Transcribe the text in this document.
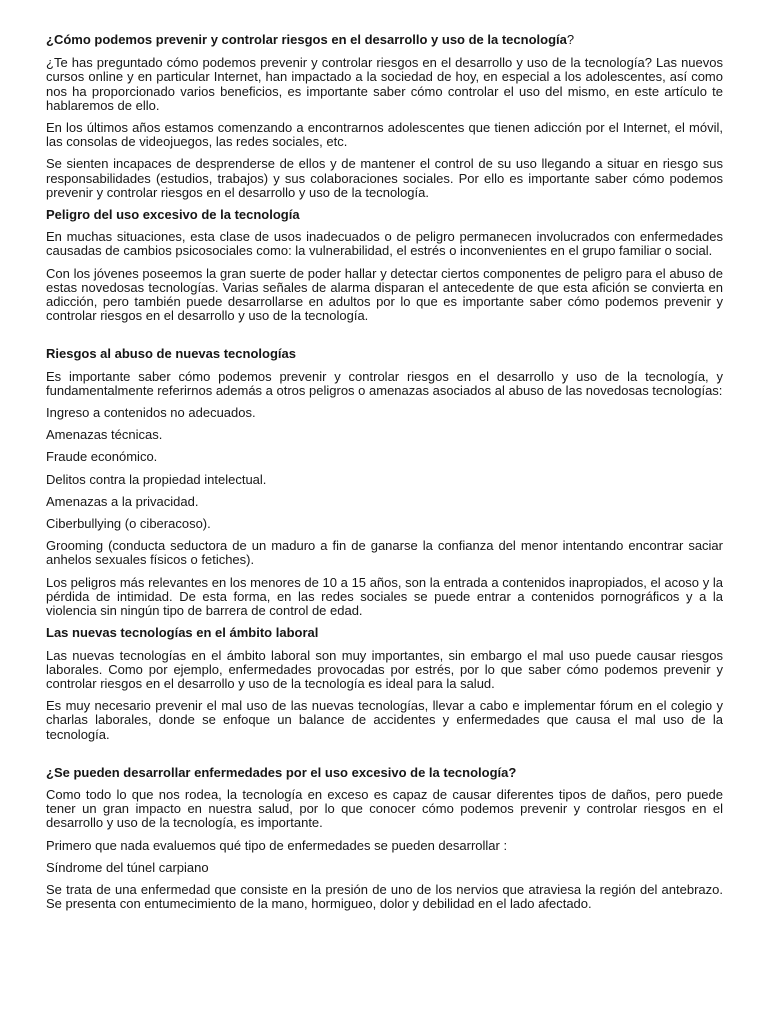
¿Cómo podemos prevenir y controlar riesgos en el desarrollo y uso de la tecnología?

¿Te has preguntado cómo podemos prevenir y controlar riesgos en el desarrollo y uso de la tecnología? Las nuevos cursos online y en particular Internet, han impactado a la sociedad de hoy, en especial a los adolescentes, así como nos ha proporcionado varios beneficios, es importante saber cómo controlar el uso del mismo, en este artículo te hablaremos de ello.

En los últimos años estamos comenzando a encontrarnos adolescentes que tienen adicción por el Internet, el móvil, las consolas de videojuegos, las redes sociales, etc.

Se sienten incapaces de desprenderse de ellos y de mantener el control de su uso llegando a situar en riesgo sus responsabilidades (estudios, trabajos) y sus colaboraciones sociales. Por ello es importante saber cómo podemos prevenir y controlar riesgos en el desarrollo y uso de la tecnología.

Peligro del uso excesivo de la tecnología

En muchas situaciones, esta clase de usos inadecuados o de peligro permanecen involucrados con enfermedades causadas de cambios psicosociales como: la vulnerabilidad, el estrés o inconvenientes en el grupo familiar o social.

Con los jóvenes poseemos la gran suerte de poder hallar y detectar ciertos componentes de peligro para el abuso de estas novedosas tecnologías. Varias señales de alarma disparan el antecedente de que esta afición se convierta en adicción, pero también puede desarrollarse en adultos por lo que es importante saber cómo podemos prevenir y controlar riesgos en el desarrollo y uso de la tecnología.

Riesgos al abuso de nuevas tecnologías

Es importante saber cómo podemos prevenir y controlar riesgos en el desarrollo y uso de la tecnología, y fundamentalmente referirnos además a otros peligros o amenazas asociados al abuso de las novedosas tecnologías:

Ingreso a contenidos no adecuados.
Amenazas técnicas.
Fraude económico.
Delitos contra la propiedad intelectual.
Amenazas a la privacidad.
Ciberbullying (o ciberacoso).
Grooming (conducta seductora de un maduro a fin de ganarse la confianza del menor intentando encontrar saciar anhelos sexuales físicos o fetiches).

Los peligros más relevantes en los menores de 10 a 15 años, son la entrada a contenidos inapropiados, el acoso y la pérdida de intimidad. De esta forma, en las redes sociales se puede entrar a contenidos pornográficos y a la violencia sin ningún tipo de barrera de control de edad.

Las nuevas tecnologías en el ámbito laboral

Las nuevas tecnologías en el ámbito laboral son muy importantes, sin embargo el mal uso puede causar riesgos laborales. Como por ejemplo, enfermedades provocadas por estrés, por lo que saber cómo podemos prevenir y controlar riesgos en el desarrollo y uso de la tecnología es ideal para la salud.

Es muy necesario prevenir el mal uso de las nuevas tecnologías, llevar a cabo e implementar fórum en el colegio y charlas laborales, donde se enfoque un balance de accidentes y enfermedades que causa el mal uso de la tecnología.

¿Se pueden desarrollar enfermedades por el uso excesivo de la tecnología?

Como todo lo que nos rodea, la tecnología en exceso es capaz de causar diferentes tipos de daños, pero puede tener un gran impacto en nuestra salud, por lo que conocer cómo podemos prevenir y controlar riesgos en el desarrollo y uso de la tecnología, es importante.

Primero que nada evaluemos qué tipo de enfermedades se pueden desarrollar :

Síndrome del túnel carpiano

Se trata de una enfermedad que consiste en la presión de uno de los nervios que atraviesa la región del antebrazo. Se presenta con entumecimiento de la mano, hormigueo, dolor y debilidad en el lado afectado.
